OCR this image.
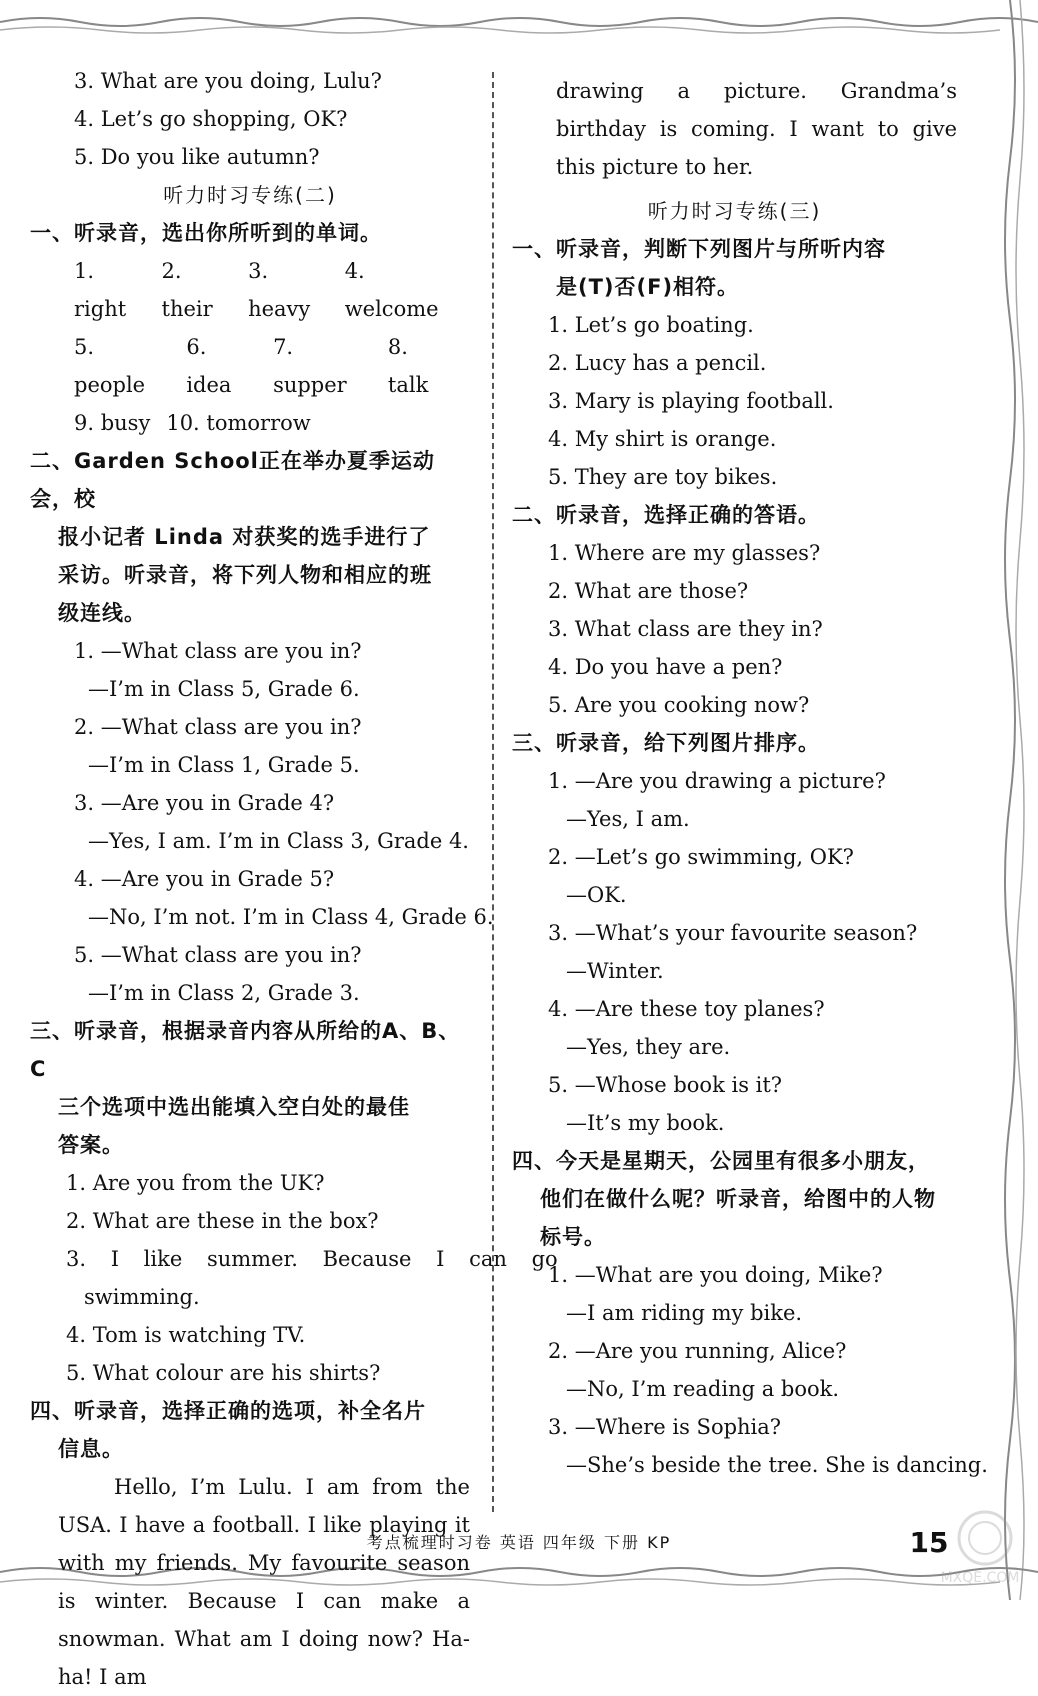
3. What are you doing, Lulu?
4. Let’s go shopping, OK?
5. Do you like autumn?
听力时习专练(二)
一、听录音，选出你所听到的单词。
1. right
2. their
3. heavy
4. welcome
5. people
6. idea
7. supper
8. talk
9. busy 10. tomorrow
二、Garden School正在举办夏季运动会，校
报小记者 Linda 对获奖的选手进行了
采访。听录音，将下列人物和相应的班
级连线。
1. —What class are you in?
—I’m in Class 5, Grade 6.
2. —What class are you in?
—I’m in Class 1, Grade 5.
3. —Are you in Grade 4?
—Yes, I am. I’m in Class 3, Grade 4.
4. —Are you in Grade 5?
—No, I’m not. I’m in Class 4, Grade 6.
5. —What class are you in?
—I’m in Class 2, Grade 3.
三、听录音，根据录音内容从所给的A、B、C
三个选项中选出能填入空白处的最佳
答案。
1. Are you from the UK?
2. What are these in the box?
3. I like summer. Because I can go
swimming.
4. Tom is watching TV.
5. What colour are his shirts?
四、听录音，选择正确的选项，补全名片
信息。
Hello, I’m Lulu. I am from the USA. I have a football. I like playing it with my friends. My favourite season is winter. Because I can make a snowman. What am I doing now? Ha-ha! I am
drawing a picture. Grandma’s birthday is coming. I want to give this picture to her.
听力时习专练(三)
一、听录音，判断下列图片与所听内容
是(T)否(F)相符。
1. Let’s go boating.
2. Lucy has a pencil.
3. Mary is playing football.
4. My shirt is orange.
5. They are toy bikes.
二、听录音，选择正确的答语。
1. Where are my glasses?
2. What are those?
3. What class are they in?
4. Do you have a pen?
5. Are you cooking now?
三、听录音，给下列图片排序。
1. —Are you drawing a picture?
—Yes, I am.
2. —Let’s go swimming, OK?
—OK.
3. —What’s your favourite season?
—Winter.
4. —Are these toy planes?
—Yes, they are.
5. —Whose book is it?
—It’s my book.
四、今天是星期天，公园里有很多小朋友，
他们在做什么呢？听录音，给图中的人物
标号。
1. —What are you doing, Mike?
—I am riding my bike.
2. —Are you running, Alice?
—No, I’m reading a book.
3. —Where is Sophia?
—She’s beside the tree. She is dancing.
考点梳理时习卷 英语 四年级 下册 KP
MXQE.COM
15
